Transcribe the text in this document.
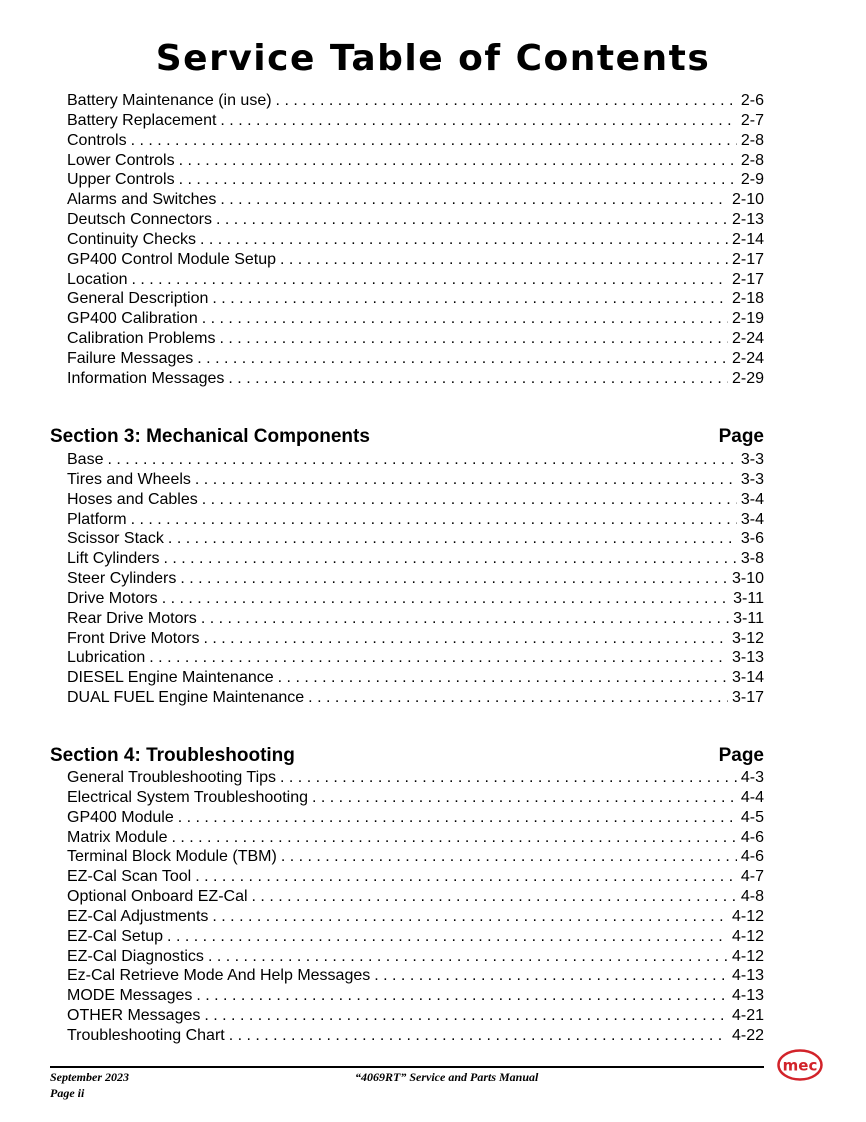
Service Table of Contents
Battery Maintenance (in use) . . .	2-6
Battery Replacement . . .	2-7
Controls . . .	2-8
Lower Controls . . .	2-8
Upper Controls . . .	2-9
Alarms and Switches . . .	2-10
Deutsch Connectors . . .	2-13
Continuity Checks . . .	2-14
GP400 Control Module Setup . . .	2-17
Location . . .	2-17
General Description . . .	2-18
GP400 Calibration . . .	2-19
Calibration Problems . . .	2-24
Failure Messages . . .	2-24
Information Messages . . .	2-29
Section 3: Mechanical Components	Page
Base . . .	3-3
Tires and Wheels . . .	3-3
Hoses and Cables . . .	3-4
Platform . . .	3-4
Scissor Stack . . .	3-6
Lift Cylinders . . .	3-8
Steer Cylinders . . .	3-10
Drive Motors . . .	3-11
Rear Drive Motors . . .	3-11
Front Drive Motors . . .	3-12
Lubrication . . .	3-13
DIESEL Engine Maintenance . . .	3-14
DUAL FUEL Engine Maintenance . . .	3-17
Section 4: Troubleshooting	Page
General Troubleshooting Tips . . .	4-3
Electrical System Troubleshooting . . .	4-4
GP400 Module . . .	4-5
Matrix Module . . .	4-6
Terminal Block Module (TBM) . . .	4-6
EZ-Cal Scan Tool . . .	4-7
Optional Onboard EZ-Cal . . .	4-8
EZ-Cal Adjustments . . .	4-12
EZ-Cal Setup . . .	4-12
EZ-Cal Diagnostics . . .	4-12
Ez-Cal Retrieve Mode And Help Messages . . .	4-13
MODE Messages . . .	4-13
OTHER Messages . . .	4-21
Troubleshooting Chart . . .	4-22
September 2023
Page ii
“4069RT” Service and Parts Manual
mec
